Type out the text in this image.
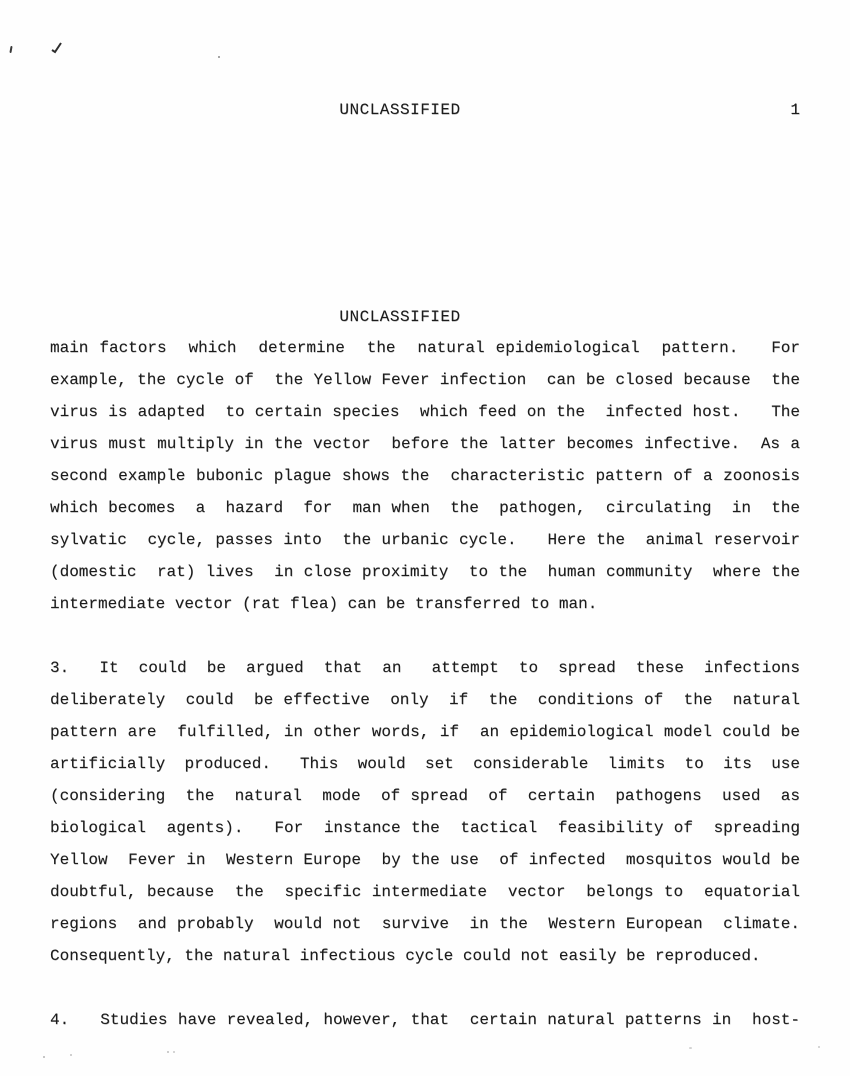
UNCLASSIFIED	1
UNCLASSIFIED
main factors  which  determine  the  natural epidemiological  pattern.   For
example, the cycle of  the Yellow Fever infection  can be closed because  the
virus is adapted  to certain species  which feed on the  infected host.   The
virus must multiply in the vector  before the latter becomes infective.  As a
second example bubonic plague shows the  characteristic pattern of a zoonosis
which becomes  a  hazard  for  man when  the  pathogen,  circulating  in  the
sylvatic  cycle, passes into  the urbanic cycle.   Here the  animal reservoir
(domestic  rat) lives  in close proximity  to the  human community  where the
intermediate vector (rat flea) can be transferred to man.
3.   It  could  be  argued  that  an   attempt  to  spread  these  infections
deliberately  could  be effective  only  if  the  conditions of  the  natural
pattern are  fulfilled, in other words, if  an epidemiological model could be
artificially  produced.   This  would  set  considerable  limits  to  its  use
(considering  the  natural  mode  of spread  of  certain  pathogens  used  as
biological  agents).   For  instance the  tactical  feasibility of  spreading
Yellow  Fever in  Western Europe  by the use  of infected  mosquitos would be
doubtful, because  the  specific intermediate  vector  belongs to  equatorial
regions  and probably  would not  survive  in the  Western European  climate.
Consequently, the natural infectious cycle could not easily be reproduced.
4.   Studies have revealed, however, that  certain natural patterns in  host-
